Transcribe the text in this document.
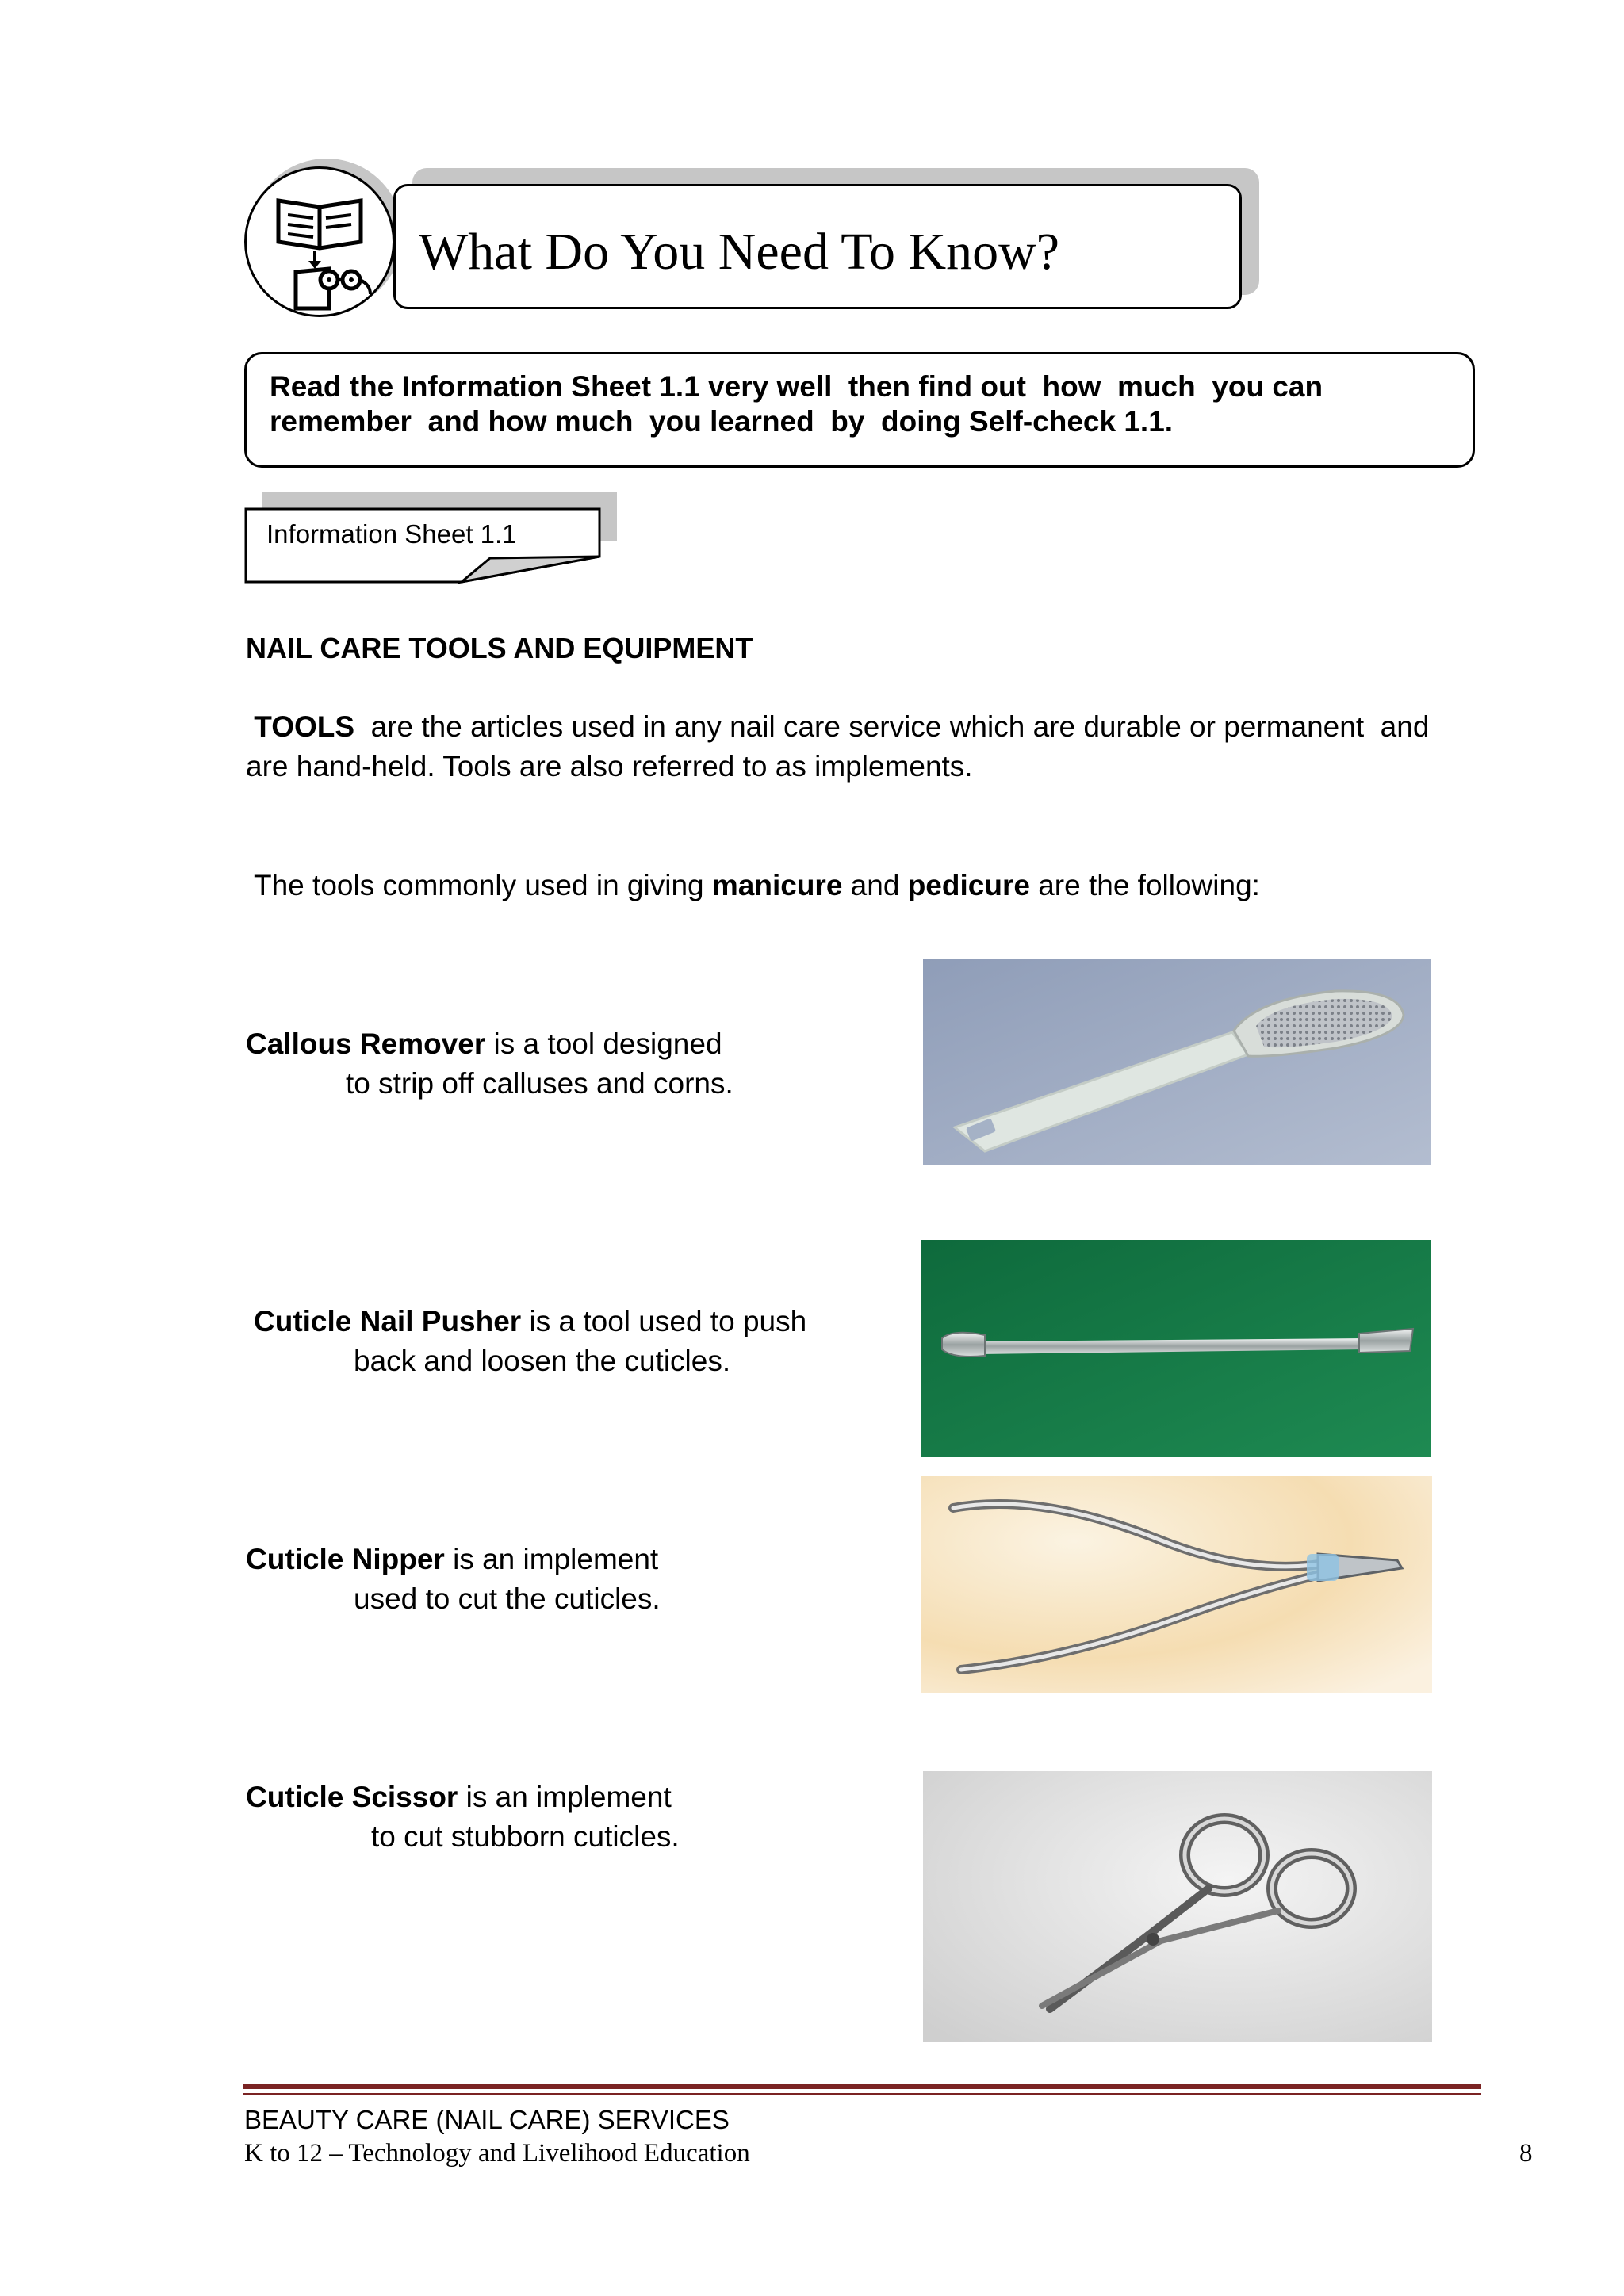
What Do You Need To Know?
Read the Information Sheet 1.1 very well  then find out  how  much  you can
remember  and how much  you learned  by  doing Self-check 1.1.
Information Sheet 1.1
NAIL CARE TOOLS AND EQUIPMENT
TOOLS  are the articles used in any nail care service which are durable or permanent  and
are hand-held. Tools are also referred to as implements.
The tools commonly used in giving manicure and pedicure are the following:
Callous Remover is a tool designed
to strip off calluses and corns.
Cuticle Nail Pusher is a tool used to push
back and loosen the cuticles.
Cuticle Nipper is an implement
used to cut the cuticles.
Cuticle Scissor is an implement
to cut stubborn cuticles.
BEAUTY CARE (NAIL CARE) SERVICES
K to 12 – Technology and Livelihood Education	8
